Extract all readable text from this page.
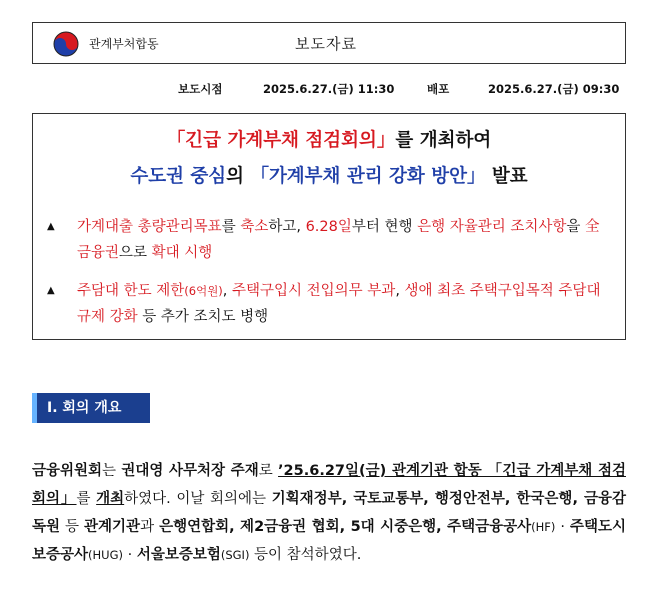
관계부처합동	보도자료
보도시점	2025.6.27.(금) 11:30	배포	2025.6.27.(금) 09:30
「긴급 가계부채 점검회의」를 개최하여
수도권 중심의 「가계부채 관리 강화 방안」 발표
▲ 가계대출 총량관리목표를 축소하고, 6.28일부터 현행 은행 자율관리 조치사항을 全 금융권으로 확대 시행
▲ 주담대 한도 제한(6억원), 주택구입시 전입의무 부과, 생애 최초 주택구입목적 주담대 규제 강화 등 추가 조치도 병행
Ⅰ. 회의 개요
금융위원회는 권대영 사무처장 주재로 ’25.6.27일(금) 관계기관 합동 「긴급 가계부채 점검회의」를 개최하였다. 이날 회의에는 기획재정부, 국토교통부, 행정안전부, 한국은행, 금융감독원 등 관계기관과 은행연합회, 제2금융권 협회, 5대 시중은행, 주택금융공사(HF) · 주택도시보증공사(HUG) · 서울보증보험(SGI) 등이 참석하였다.
